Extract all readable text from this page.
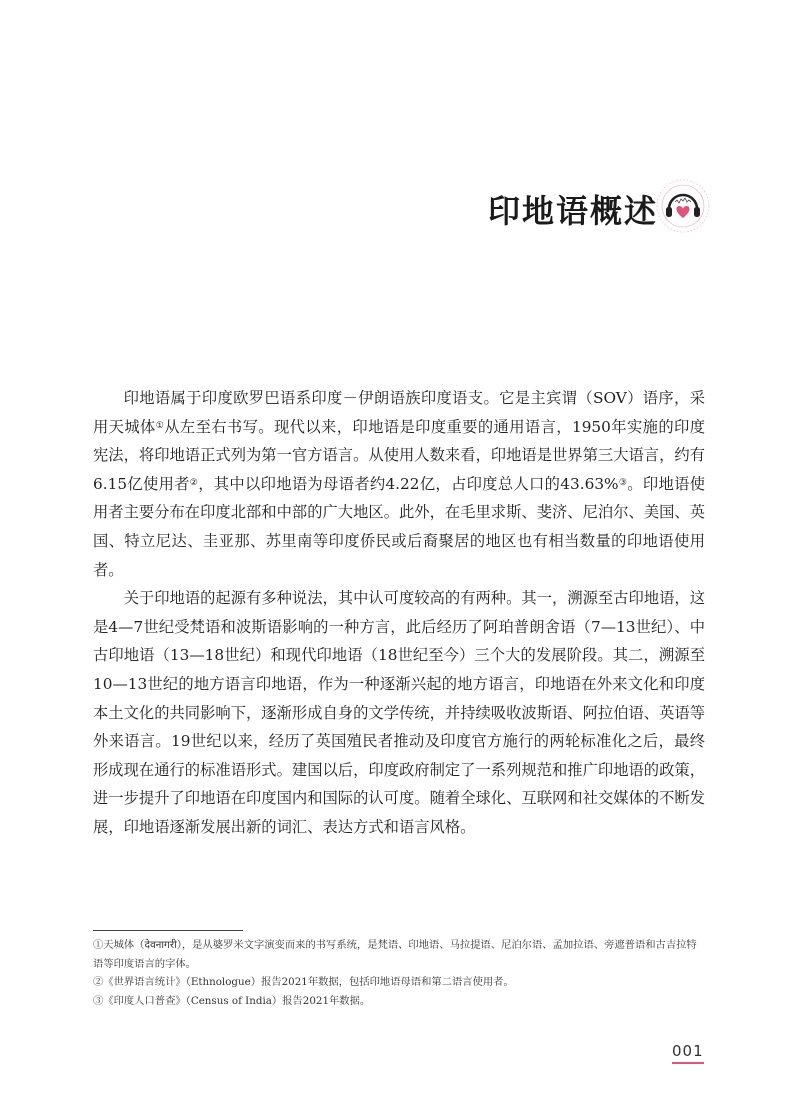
印地语概述

印地语属于印度欧罗巴语系印度－伊朗语族印度语支。它是主宾谓（SOV）语序，采用天城体①从左至右书写。现代以来，印地语是印度重要的通用语言，1950年实施的印度宪法，将印地语正式列为第一官方语言。从使用人数来看，印地语是世界第三大语言，约有6.15亿使用者②，其中以印地语为母语者约4.22亿，占印度总人口的43.63%③。印地语使用者主要分布在印度北部和中部的广大地区。此外，在毛里求斯、斐济、尼泊尔、美国、英国、特立尼达、圭亚那、苏里南等印度侨民或后裔聚居的地区也有相当数量的印地语使用者。

关于印地语的起源有多种说法，其中认可度较高的有两种。其一，溯源至古印地语，这是4—7世纪受梵语和波斯语影响的一种方言，此后经历了阿珀普朗舍语（7—13世纪）、中古印地语（13—18世纪）和现代印地语（18世纪至今）三个大的发展阶段。其二，溯源至10—13世纪的地方语言印地语，作为一种逐渐兴起的地方语言，印地语在外来文化和印度本土文化的共同影响下，逐渐形成自身的文学传统，并持续吸收波斯语、阿拉伯语、英语等外来语言。19世纪以来，经历了英国殖民者推动及印度官方施行的两轮标准化之后，最终形成现在通行的标准语形式。建国以后，印度政府制定了一系列规范和推广印地语的政策，进一步提升了印地语在印度国内和国际的认可度。随着全球化、互联网和社交媒体的不断发展，印地语逐渐发展出新的词汇、表达方式和语言风格。

①天城体（देवनागरी），是从婆罗米文字演变而来的书写系统，是梵语、印地语、马拉提语、尼泊尔语、孟加拉语、旁遮普语和古吉拉特语等印度语言的字体。

②《世界语言统计》（Ethnologue）报告2021年数据，包括印地语母语和第二语言使用者。

③《印度人口普查》（Census of India）报告2021年数据。

001
